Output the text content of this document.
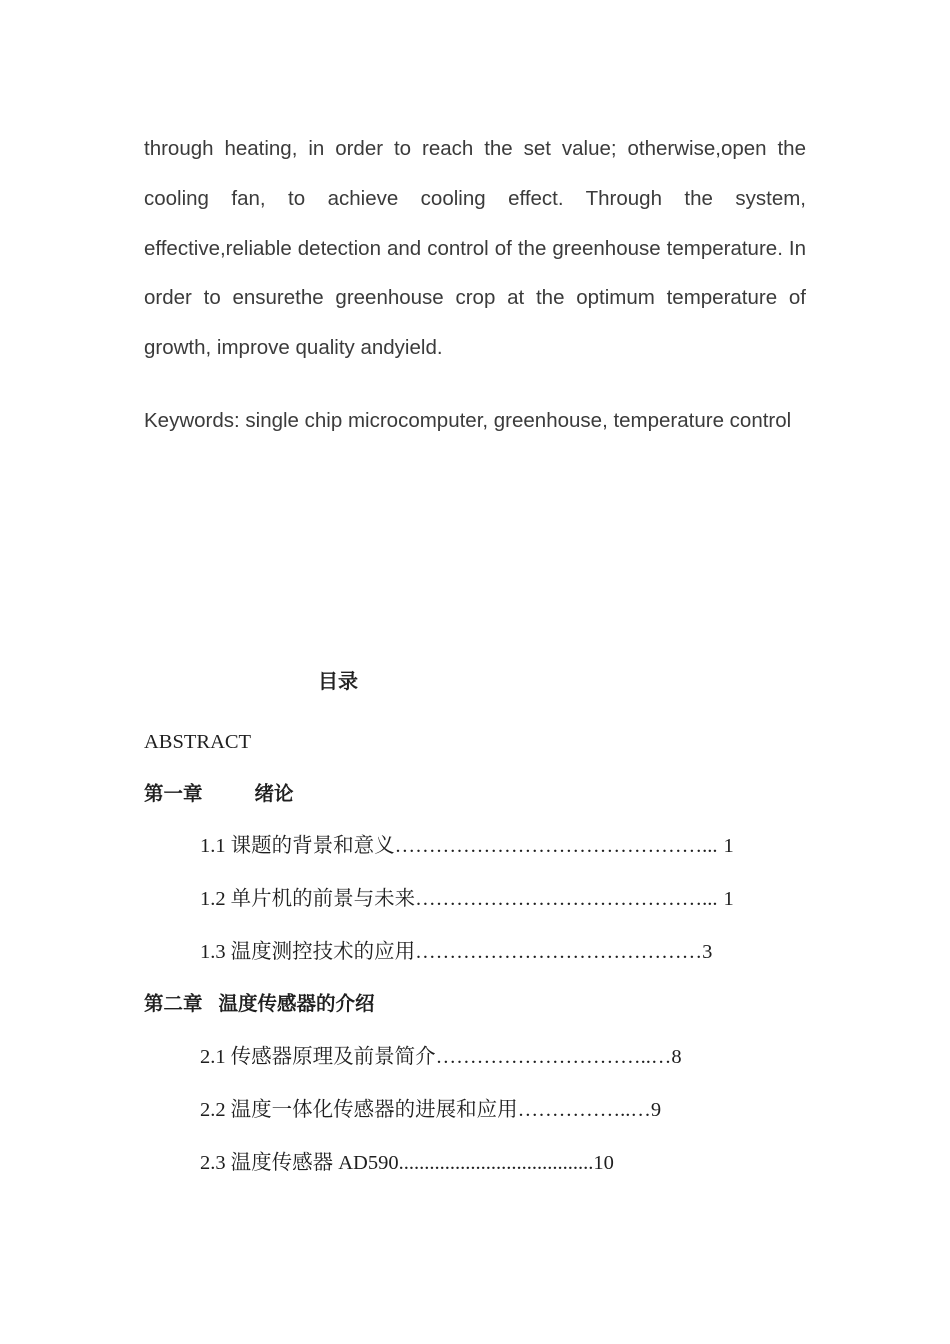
through heating, in order to reach the set value; otherwise,open the cooling fan, to achieve cooling effect. Through the system, effective,reliable detection and control of the greenhouse temperature. In order to ensurethe greenhouse crop at the optimum temperature of growth, improve quality andyield.

Keywords: single chip microcomputer, greenhouse, temperature control

目录
ABSTRACT
第一章	绪论
1.1 课题的背景和意义………………………………………... 1
1.2 单片机的前景与未来……………………………………... 1
1.3 温度测控技术的应用……………………………………3
第二章 温度传感器的介绍
2.1 传感器原理及前景简介…………………………..…8
2.2 温度一体化传感器的进展和应用……………..…9
2.3 温度传感器 AD590......................................10
